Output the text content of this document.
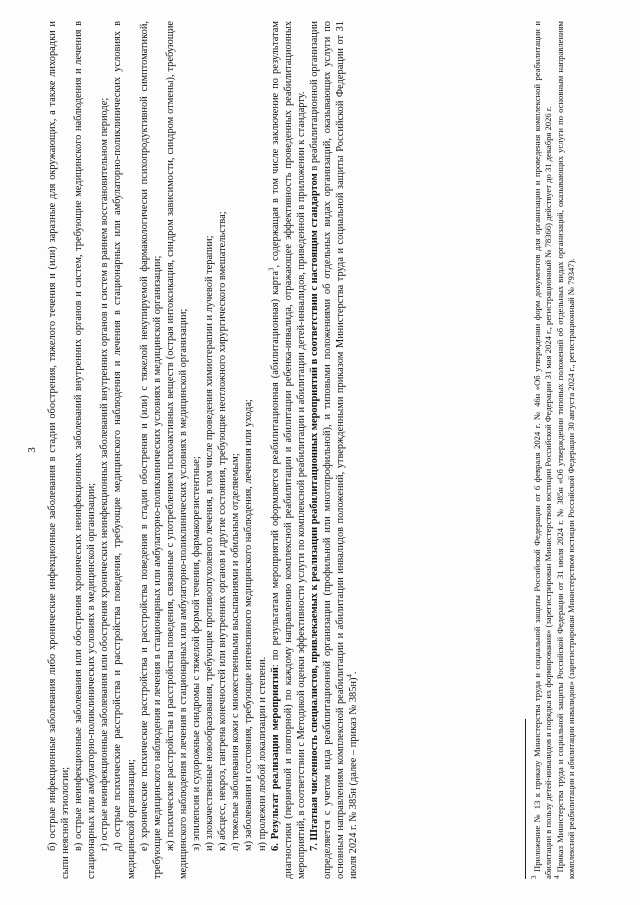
3 б) острые инфекционные заболевания либо хронические инфекционные заболевания в стадии обострения, тяжелого течения и (или) заразные для окружающих, а также лихорадки и сыпи неясной этиологии; в) острые неинфекционные заболевания или обострения хронических неинфекционных заболеваний внутренних органов и систем, требующие медицинского наблюдения и лечения в стационарных или амбулаторно-поликлинических условиях в медицинской организации; г) острые неинфекционные заболевания или обострения хронических неинфекционных заболеваний внутренних органов и систем в раннем восстановительном периоде; д) острые психические расстройства и расстройства поведения, требующие медицинского наблюдения и лечения в стационарных или амбулаторно-поликлинических условиях в медицинской организации; е) хронические психические расстройства и расстройства поведения в стадии обострения и (или) с тяжелой некупируемой фармакологически психопродуктивной симптоматикой, требующие медицинского наблюдения и лечения в стационарных или амбулаторно-поликлинических условиях в медицинской организации; ж) психические расстройства и расстройства поведения, связанные с употреблением психоактивных веществ (острая интоксикация, синдром зависимости, синдром отмены), требующие медицинского наблюдения и лечения в стационарных или амбулаторно-поликлинических условиях в медицинской организации; з) эпилепсия и судорожные синдромы с тяжелой формой течения, фармакорезистентные; и) злокачественные новообразования, требующие противоопухолевого лечения, в том числе проведения химиотерапии и лучевой терапии; к) абсцесс, некроз, гангрена конечностей или внутренних органов и другие состояния, требующие неотложного хирургического вмешательства; л) тяжелые заболевания кожи с множественными высыпаниями и обильным отделяемым; м) заболевания и состояния, требующие интенсивного медицинского наблюдения, лечения или ухода; н) пролежни любой локализации и степени. 6. Результат реализации мероприятий: по результатам мероприятий оформляется реабилитационная (абилитационная) карта$^3$, содержащая в том числе заключение по результатам диагностики (первичной и повторной) по каждому направлению комплексной реабилитации и абилитации ребенка-инвалида, отражающее эффективность проведенных реабилитационных мероприятий, в соответствии с Методикой оценки эффективности услуги по комплексной реабилитации и абилитации детей-инвалидов, приведенной в приложении к стандарту. 7. Штатная численность специалистов, привлекаемых к реализации реабилитационных мероприятий в соответствии с настоящим стандартом в реабилитационной организации определяется с учетом вида реабилитационной организации (профильной или многопрофильной), и типовыми положениями об отдельных видах организаций, оказывающих услуги по основным направлениям комплексной реабилитации и абилитации инвалидов положений, утвержденными приказом Министерства труда и социальной защиты Российской Федерации от 31 июля 2024 г. № 385н (далее – приказ № 385н)$^4$.

$^3$ Приложение № 13 к приказу Министерства труда и социальной защиты Российской Федерации от 6 февраля 2024 г. № 46н «Об утверждении форм документов для организации и проведения комплексной реабилитации и абилитации в пользу детей-инвалидов и порядка их формирования» (зарегистрирован Министерством юстиции Российской Федерации 31 мая 2024 г., регистрационный № 78366) действует до 31 декабря 2026 г. $^4$ Приказ Министерства труда и социальной защиты Российской Федерации от 31 июля 2024 г. № 385н «Об утверждении типовых положений об отдельных видах организаций, оказывающих услуги по основным направлениям комплексной реабилитации и абилитации инвалидов» (зарегистрирован Министерством юстиции Российской Федерации 30 августа 2024 г., регистрационный № 79347).
